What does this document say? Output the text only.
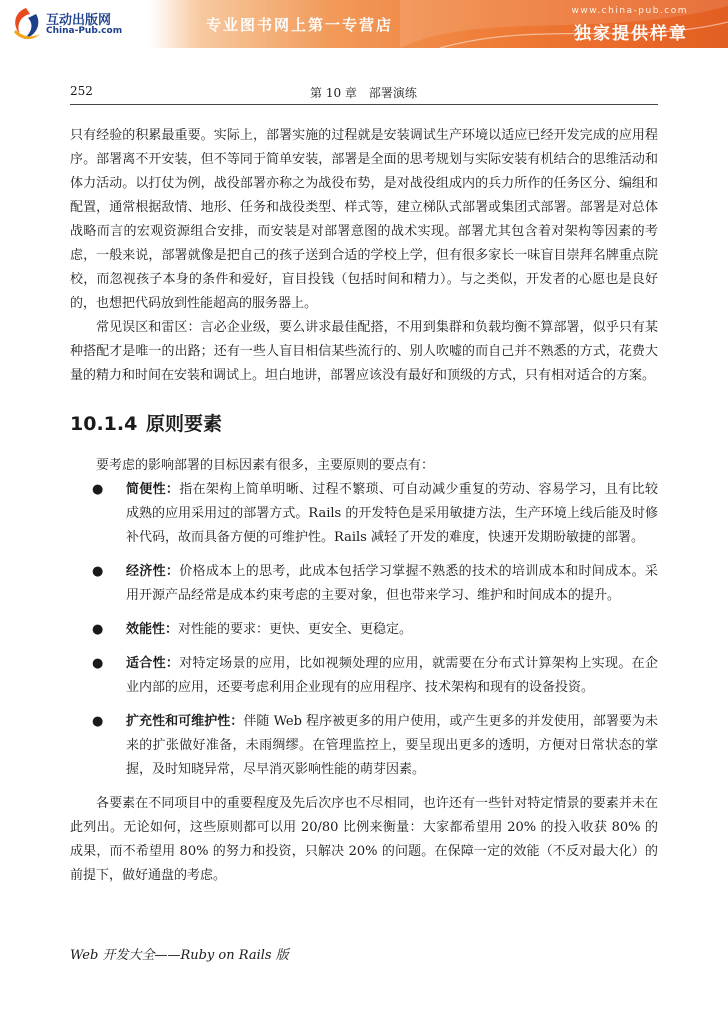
互动出版网
China-Pub.com	专业图书网上第一专营店
www.china-pub.com
独家提供样章
252	第 10 章　部署演练

只有经验的积累最重要。实际上，部署实施的过程就是安装调试生产环境以适应已经开发完成的应用程序。部署离不开安装，但不等同于简单安装，部署是全面的思考规划与实际安装有机结合的思维活动和体力活动。以打仗为例，战役部署亦称之为战役布势，是对战役组成内的兵力所作的任务区分、编组和配置，通常根据敌情、地形、任务和战役类型、样式等，建立梯队式部署或集团式部署。部署是对总体战略而言的宏观资源组合安排，而安装是对部署意图的战术实现。部署尤其包含着对架构等因素的考虑，一般来说，部署就像是把自己的孩子送到合适的学校上学，但有很多家长一味盲目崇拜名牌重点院校，而忽视孩子本身的条件和爱好，盲目投钱（包括时间和精力）。与之类似，开发者的心愿也是良好的，也想把代码放到性能超高的服务器上。

常见误区和雷区：言必企业级，要么讲求最佳配搭，不用到集群和负载均衡不算部署，似乎只有某种搭配才是唯一的出路；还有一些人盲目相信某些流行的、别人吹嘘的而自己并不熟悉的方式，花费大量的精力和时间在安装和调试上。坦白地讲，部署应该没有最好和顶级的方式，只有相对适合的方案。

10.1.4 原则要素

要考虑的影响部署的目标因素有很多，主要原则的要点有：

● 简便性：指在架构上简单明晰、过程不繁琐、可自动减少重复的劳动、容易学习，且有比较成熟的应用采用过的部署方式。Rails 的开发特色是采用敏捷方法，生产环境上线后能及时修补代码，故而具备方便的可维护性。Rails 减轻了开发的难度，快速开发期盼敏捷的部署。
● 经济性：价格成本上的思考，此成本包括学习掌握不熟悉的技术的培训成本和时间成本。采用开源产品经常是成本约束考虑的主要对象，但也带来学习、维护和时间成本的提升。
● 效能性：对性能的要求：更快、更安全、更稳定。
● 适合性：对特定场景的应用，比如视频处理的应用，就需要在分布式计算架构上实现。在企业内部的应用，还要考虑利用企业现有的应用程序、技术架构和现有的设备投资。
● 扩充性和可维护性：伴随 Web 程序被更多的用户使用，或产生更多的并发使用，部署要为未来的扩张做好准备，未雨绸缪。在管理监控上，要呈现出更多的透明，方便对日常状态的掌握，及时知晓异常，尽早消灭影响性能的萌芽因素。

各要素在不同项目中的重要程度及先后次序也不尽相同，也许还有一些针对特定情景的要素并未在此列出。无论如何，这些原则都可以用 20/80 比例来衡量：大家都希望用 20% 的投入收获 80% 的成果，而不希望用 80% 的努力和投资，只解决 20% 的问题。在保障一定的效能（不反对最大化）的前提下，做好通盘的考虑。

Web 开发大全——Ruby on Rails 版
